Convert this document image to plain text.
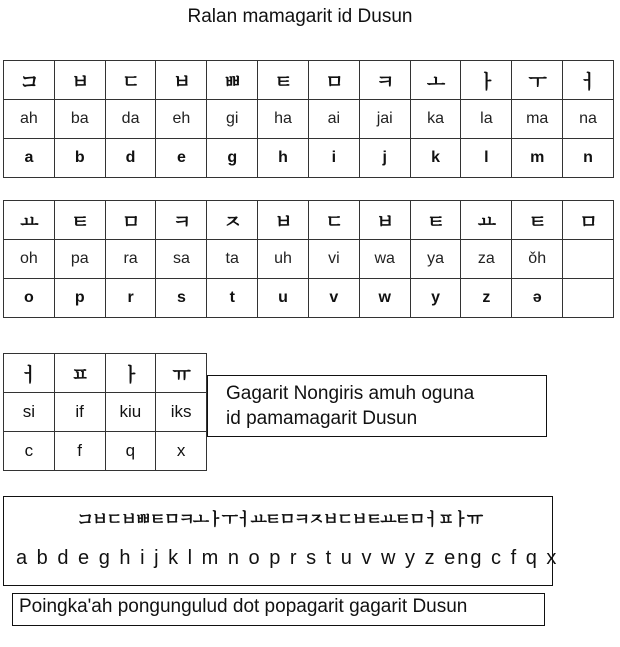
Ralan mamagarit id Dusun
コ	ㅂ	ㄷ	ㅂ	ㅃ	ㅌ	ㅁ	ㅋ	ㅗ	ㅏ	ㅜ	ㅓ
ah	ba	da	eh	gi	ha	ai	jai	ka	la	ma	na
a	b	d	e	g	h	i	j	k	l	m	n
ㅛ	ㅌ	ㅁ	ㅋ	ㅈ	ㅂ	ㄷ	ㅂ	ㅌ	ㅛ	ㅌ	ㅁ
oh	pa	ra	sa	ta	uh	vi	wa	ya	za	ǒh	
o	p	r	s	t	u	v	w	y	z	ə	
ㅓ	ㅍ	ㅏ	ㅠ
si	if	kiu	iks
c	f	q	x
Gagarit Nongiris amuh oguna
id pamamagarit Dusun
コㅂㄷㅂㅃㅌㅁㅋㅗㅏㅜㅓㅛㅌㅁㅋㅈㅂㄷㅂㅌㅛㅌㅁㅓㅍㅏㅠ
a b d e g h i j k l m n o p r s t u v w y z eng c f q x
Poingka'ah pongungulud dot popagarit gagarit Dusun
